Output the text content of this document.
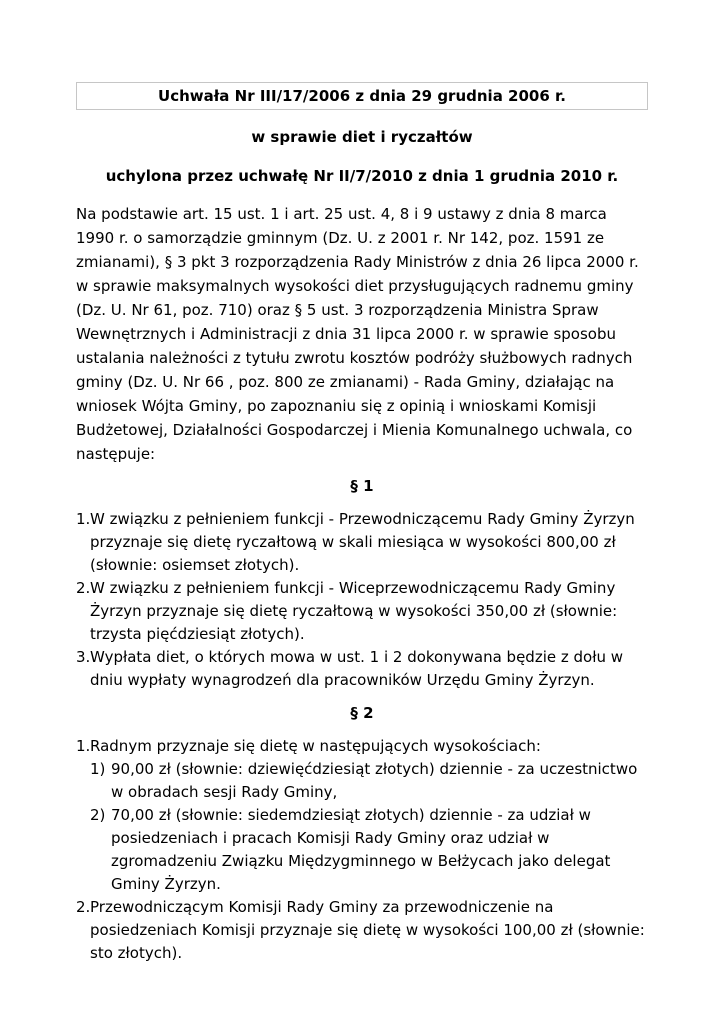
Uchwała Nr III/17/2006 z dnia 29 grudnia 2006 r.
w sprawie diet i ryczałtów
uchylona przez uchwałę Nr II/7/2010 z dnia 1 grudnia 2010 r.
Na podstawie art. 15 ust. 1 i art. 25 ust. 4, 8 i 9 ustawy z dnia 8 marca 1990 r. o samorządzie gminnym (Dz. U. z 2001 r. Nr 142, poz. 1591 ze zmianami), § 3 pkt 3 rozporządzenia Rady Ministrów z dnia 26 lipca 2000 r. w sprawie maksymalnych wysokości diet przysługujących radnemu gminy (Dz. U. Nr 61, poz. 710) oraz § 5 ust. 3 rozporządzenia Ministra Spraw Wewnętrznych i Administracji z dnia 31 lipca 2000 r. w sprawie sposobu ustalania należności z tytułu zwrotu kosztów podróży służbowych radnych gminy (Dz. U. Nr 66 , poz. 800 ze zmianami) - Rada Gminy, działając na wniosek Wójta Gminy, po zapoznaniu się z opinią i wnioskami Komisji Budżetowej, Działalności Gospodarczej i Mienia Komunalnego uchwala, co następuje:
§ 1
1. W związku z pełnieniem funkcji - Przewodniczącemu Rady Gminy Żyrzyn przyznaje się dietę ryczałtową w skali miesiąca w wysokości 800,00 zł (słownie: osiemset złotych).
2. W związku z pełnieniem funkcji - Wiceprzewodniczącemu Rady Gminy Żyrzyn przyznaje się dietę ryczałtową w wysokości 350,00 zł (słownie: trzysta pięćdziesiąt złotych).
3. Wypłata diet, o których mowa w ust. 1 i 2 dokonywana będzie z dołu w dniu wypłaty wynagrodzeń dla pracowników Urzędu Gminy Żyrzyn.
§ 2
1. Radnym przyznaje się dietę w następujących wysokościach:
1) 90,00 zł (słownie: dziewięćdziesiąt złotych) dziennie - za uczestnictwo w obradach sesji Rady Gminy,
2) 70,00 zł (słownie: siedemdziesiąt złotych) dziennie - za udział w posiedzeniach i pracach Komisji Rady Gminy oraz udział w zgromadzeniu Związku Międzygminnego w Bełżycach jako delegat Gminy Żyrzyn.
2. Przewodniczącym Komisji Rady Gminy za przewodniczenie na posiedzeniach Komisji przyznaje się dietę w wysokości 100,00 zł (słownie: sto złotych).
